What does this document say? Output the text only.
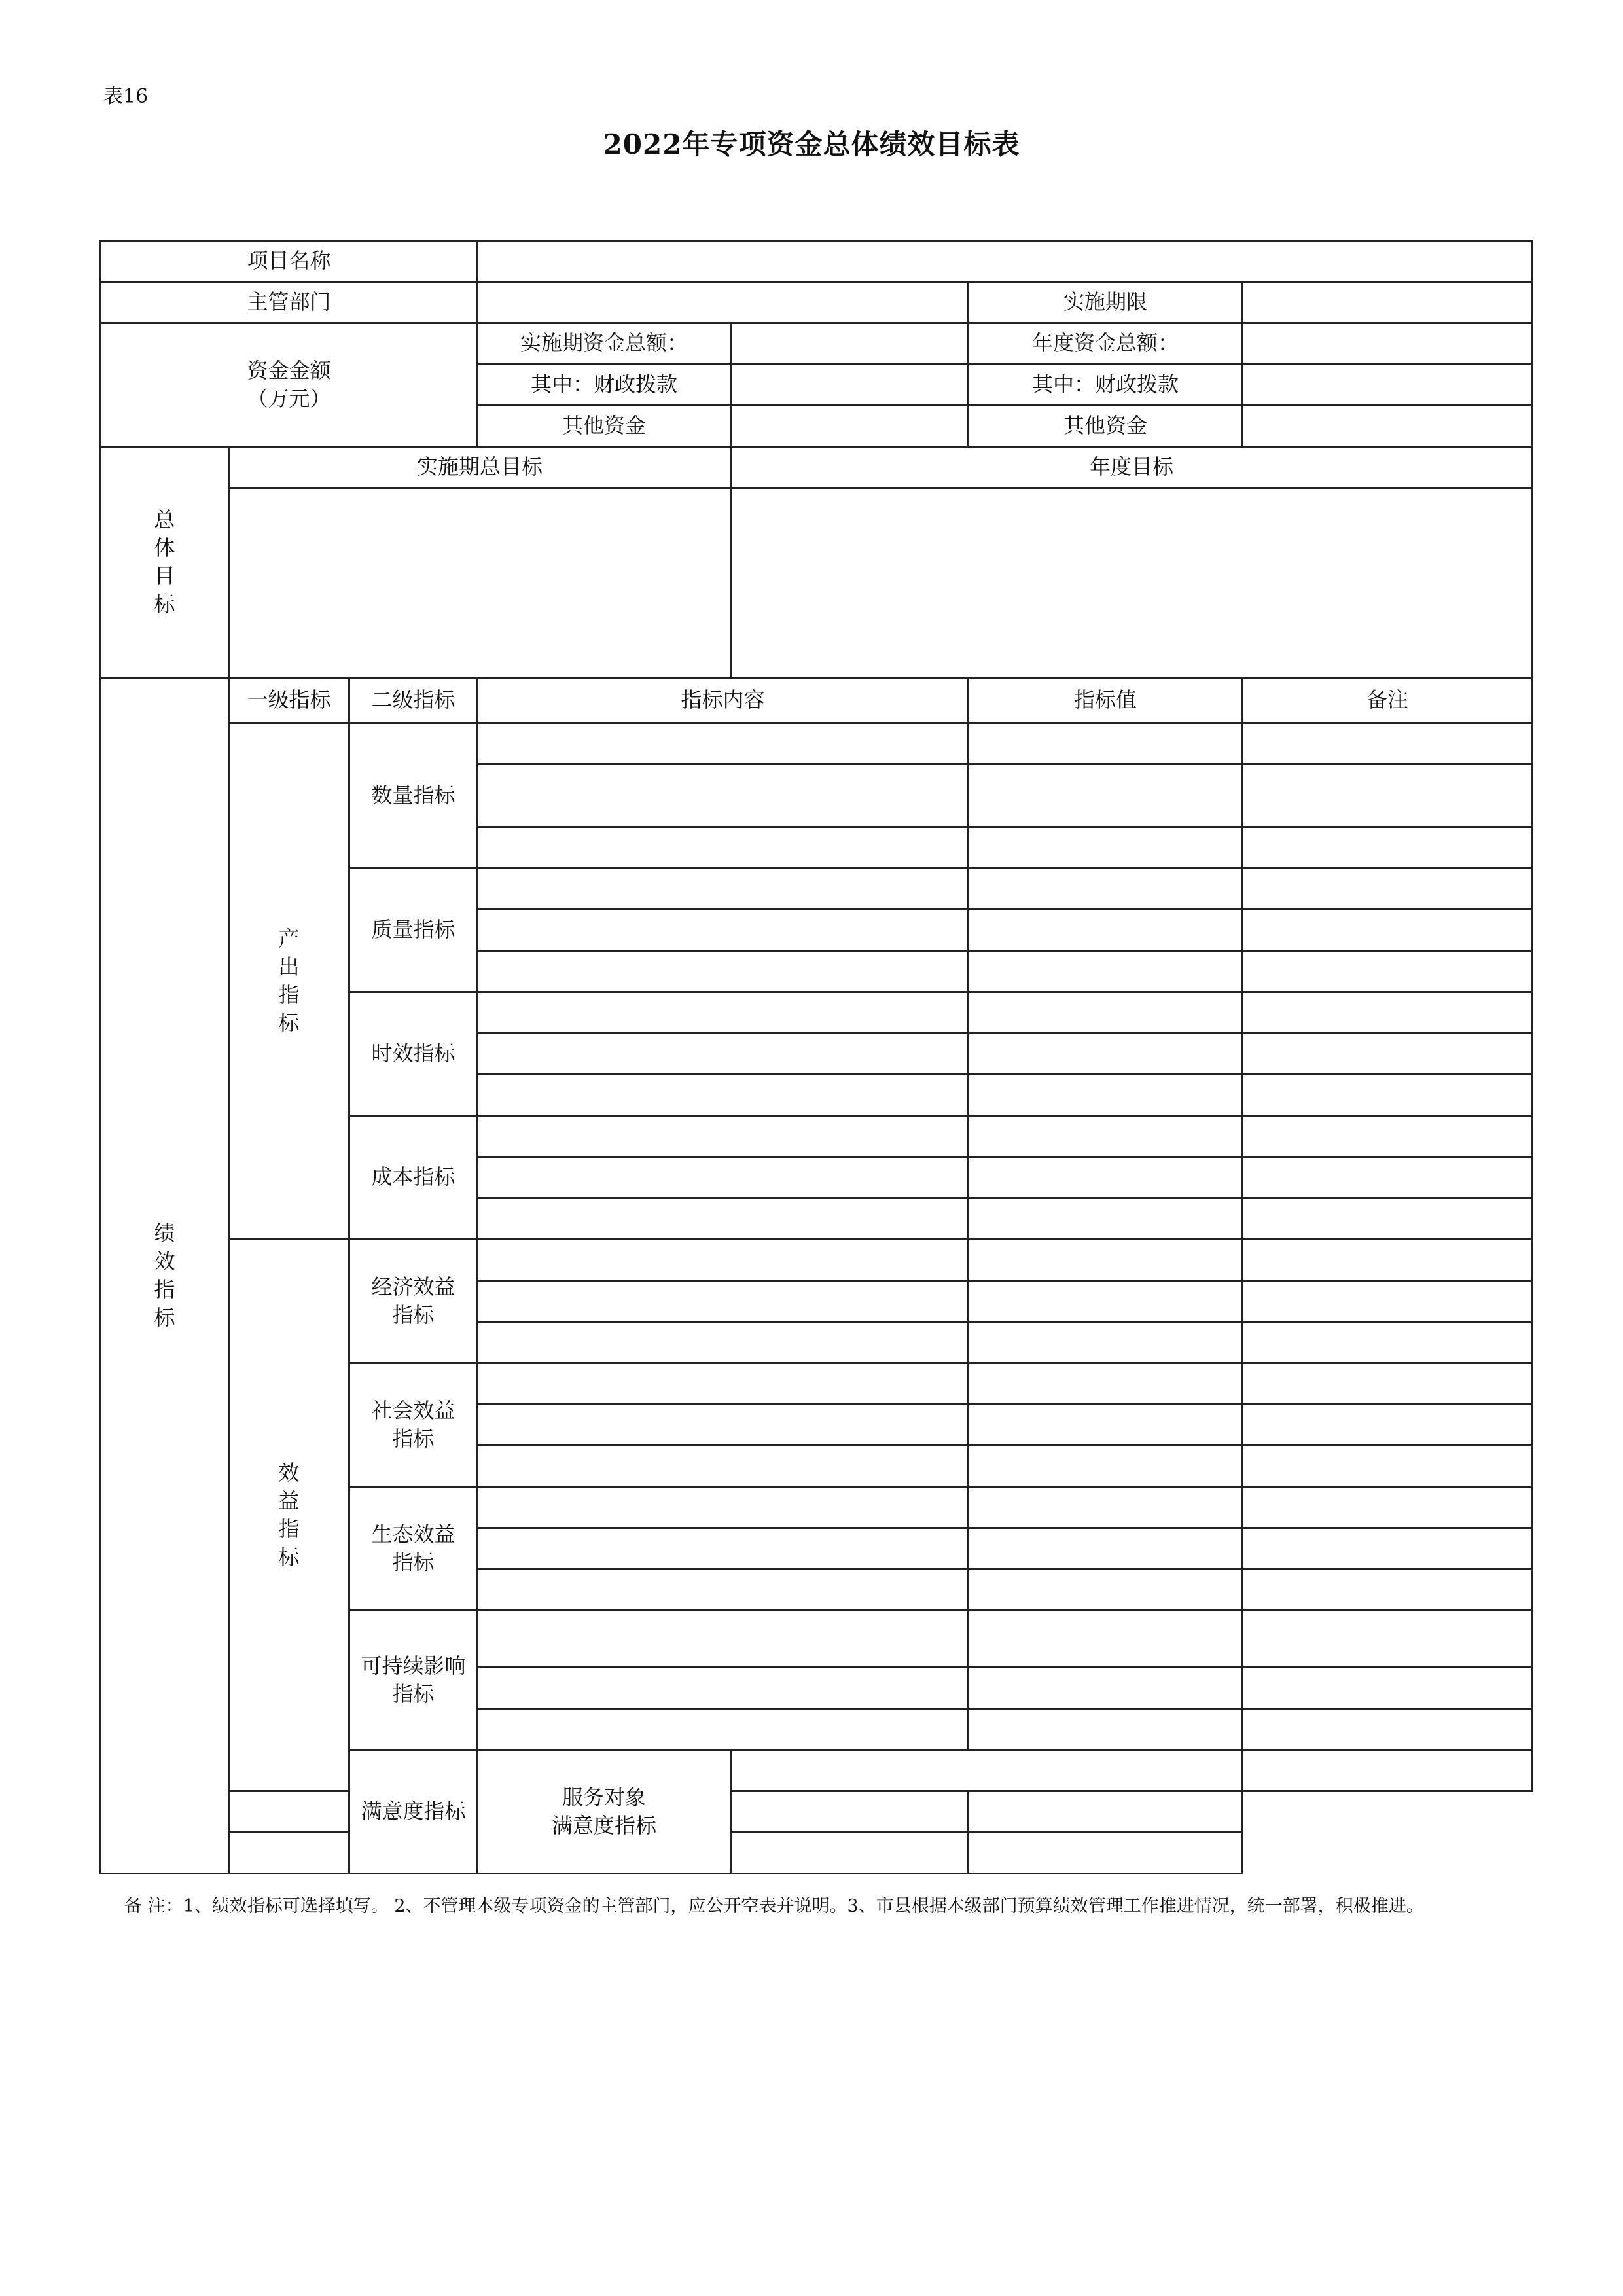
表16
2022年专项资金总体绩效目标表
项目名称							
主管部门					实施期限		

资金金额
（万元）			实施期资金总额：		年度资金总额：		
			其中：财政拨款		其中：财政拨款		
			其他资金		其他资金		
总体目标	实施期总目标			年度目标			

绩效指标	一级指标	二级指标	指标内容		指标值	备注	
	产出指标	数量指标					

		质量指标					

		时效指标					

		成本指标					

	效益指标	经济效益
指标					

		社会效益
指标					

		生态效益
指标					

		可持续影响
指标					

		满意度指标	服务对象
满意度指标				

备 注：1、绩效指标可选择填写。 2、不管理本级专项资金的主管部门，应公开空表并说明。3、市县根据本级部门预算绩效管理工作推进情况，统一部署，积极推进。
